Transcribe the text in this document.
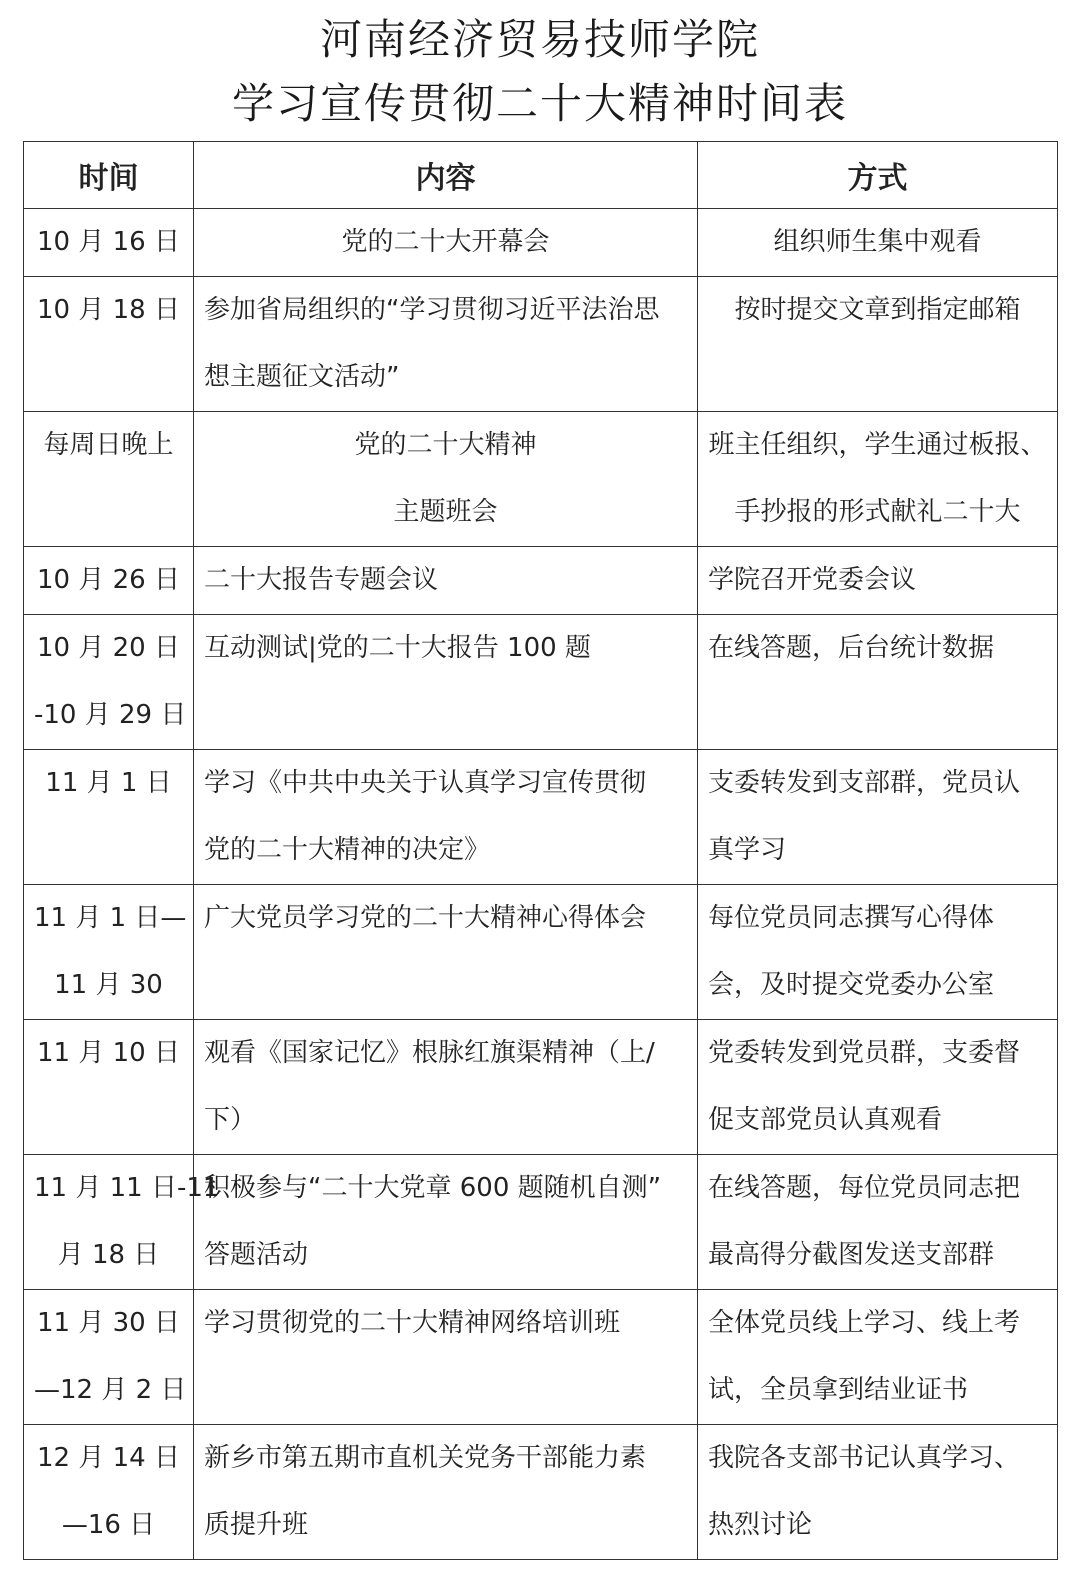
河南经济贸易技师学院
学习宣传贯彻二十大精神时间表
时间	内容	方式

10 月 16 日	党的二十大开幕会	组织师生集中观看

10 月 18 日	参加省局组织的“学习贯彻习近平法治思
想主题征文活动”	按时提交文章到指定邮箱

每周日晚上	党的二十大精神
主题班会	班主任组织，学生通过板报、
手抄报的形式献礼二十大

10 月 26 日	二十大报告专题会议	学院召开党委会议

10 月 20 日
-10 月 29 日	互动测试|党的二十大报告 100 题	在线答题，后台统计数据

11 月 1 日	学习《中共中央关于认真学习宣传贯彻
党的二十大精神的决定》	支委转发到支部群，党员认
真学习

11 月 1 日—
11 月 30	广大党员学习党的二十大精神心得体会	每位党员同志撰写心得体
会，及时提交党委办公室

11 月 10 日	观看《国家记忆》根脉红旗渠精神（上/
下）	党委转发到党员群，支委督
促支部党员认真观看

11 月 11 日-11
月 18 日	积极参与“二十大党章 600 题随机自测”
答题活动	在线答题，每位党员同志把
最高得分截图发送支部群

11 月 30 日
—12 月 2 日	学习贯彻党的二十大精神网络培训班	全体党员线上学习、线上考
试，全员拿到结业证书

12 月 14 日
—16 日	新乡市第五期市直机关党务干部能力素
质提升班	我院各支部书记认真学习、
热烈讨论
